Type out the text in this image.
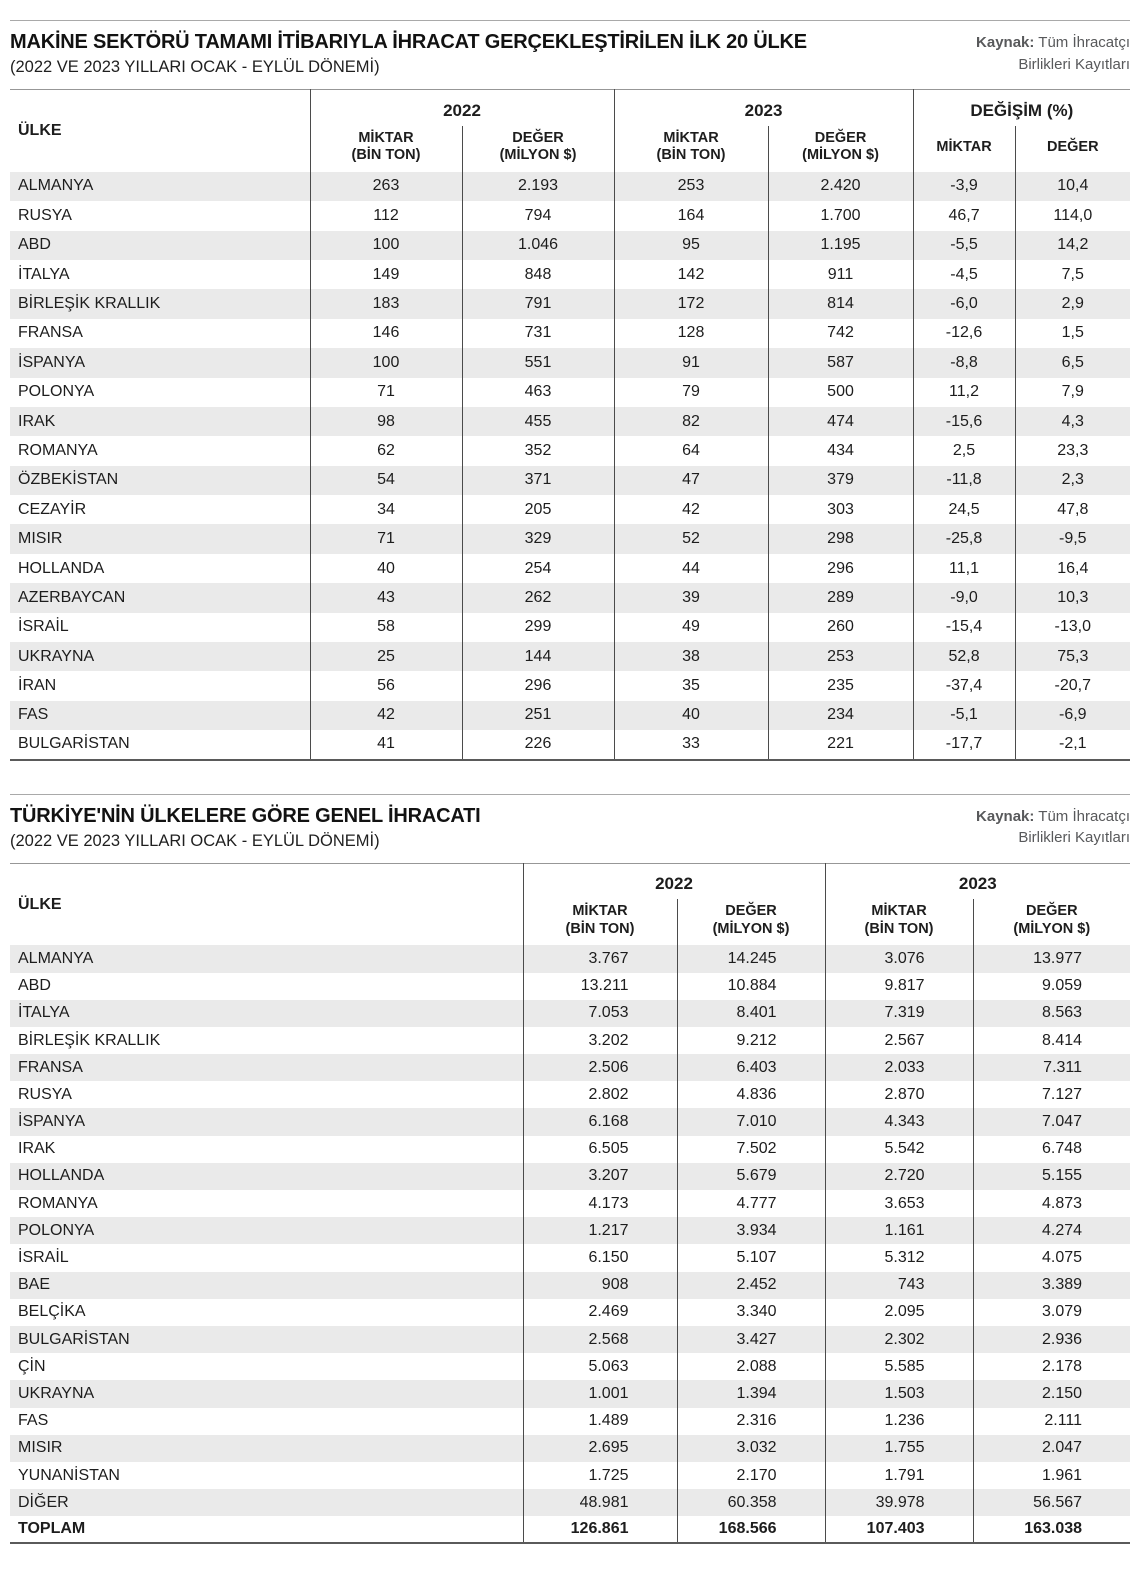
MAKİNE SEKTÖRÜ TAMAMI İTİBARIYLA İHRACAT GERÇEKLEŞTİRİLEN İLK 20 ÜLKE
(2022 VE 2023 YILLARI OCAK - EYLÜL DÖNEMİ)
Kaynak: Tüm İhracatçı
Birlikleri Kayıtları
ÜLKE	2022		2023		DEĞİŞİM (%)	
	MİKTAR
(BİN TON)	DEĞER
(MİLYON $)	MİKTAR
(BİN TON)	DEĞER
(MİLYON $)	MİKTAR	DEĞER
ALMANYA	263	2.193	253	2.420	-3,9	10,4
RUSYA	112	794	164	1.700	46,7	114,0
ABD	100	1.046	95	1.195	-5,5	14,2
İTALYA	149	848	142	911	-4,5	7,5
BİRLEŞİK KRALLIK	183	791	172	814	-6,0	2,9
FRANSA	146	731	128	742	-12,6	1,5
İSPANYA	100	551	91	587	-8,8	6,5
POLONYA	71	463	79	500	11,2	7,9
IRAK	98	455	82	474	-15,6	4,3
ROMANYA	62	352	64	434	2,5	23,3
ÖZBEKİSTAN	54	371	47	379	-11,8	2,3
CEZAYİR	34	205	42	303	24,5	47,8
MISIR	71	329	52	298	-25,8	-9,5
HOLLANDA	40	254	44	296	11,1	16,4
AZERBAYCAN	43	262	39	289	-9,0	10,3
İSRAİL	58	299	49	260	-15,4	-13,0
UKRAYNA	25	144	38	253	52,8	75,3
İRAN	56	296	35	235	-37,4	-20,7
FAS	42	251	40	234	-5,1	-6,9
BULGARİSTAN	41	226	33	221	-17,7	-2,1
TÜRKİYE'NİN ÜLKELERE GÖRE GENEL İHRACATI
(2022 VE 2023 YILLARI OCAK - EYLÜL DÖNEMİ)
Kaynak: Tüm İhracatçı
Birlikleri Kayıtları
ÜLKE	2022		2023	
	MİKTAR
(BİN TON)	DEĞER
(MİLYON $)	MİKTAR
(BİN TON)	DEĞER
(MİLYON $)
ALMANYA	3.767	14.245	3.076	13.977
ABD	13.211	10.884	9.817	9.059
İTALYA	7.053	8.401	7.319	8.563
BİRLEŞİK KRALLIK	3.202	9.212	2.567	8.414
FRANSA	2.506	6.403	2.033	7.311
RUSYA	2.802	4.836	2.870	7.127
İSPANYA	6.168	7.010	4.343	7.047
IRAK	6.505	7.502	5.542	6.748
HOLLANDA	3.207	5.679	2.720	5.155
ROMANYA	4.173	4.777	3.653	4.873
POLONYA	1.217	3.934	1.161	4.274
İSRAİL	6.150	5.107	5.312	4.075
BAE	908	2.452	743	3.389
BELÇİKA	2.469	3.340	2.095	3.079
BULGARİSTAN	2.568	3.427	2.302	2.936
ÇİN	5.063	2.088	5.585	2.178
UKRAYNA	1.001	1.394	1.503	2.150
FAS	1.489	2.316	1.236	2.111
MISIR	2.695	3.032	1.755	2.047
YUNANİSTAN	1.725	2.170	1.791	1.961
DİĞER	48.981	60.358	39.978	56.567
TOPLAM	126.861	168.566	107.403	163.038
